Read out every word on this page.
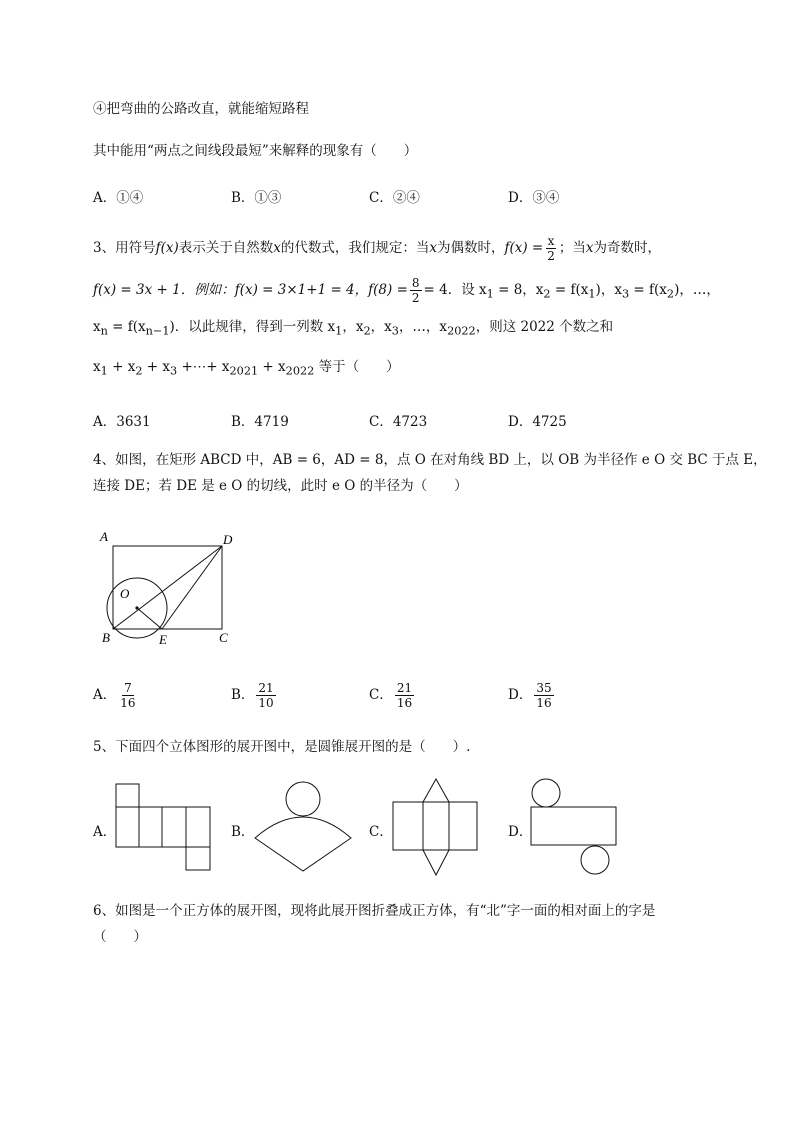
④把弯曲的公路改直，就能缩短路程
其中能用“两点之间线段最短”来解释的现象有（　　）
A．①④	B．①③	C．②④	D．③④
3、用符号f(x)表示关于自然数x的代数式，我们规定：当x为偶数时，$f(x) = \frac{x}{2}$ ；当x为奇数时，
f(x) = 3x + 1．例如：f(x) = 3×1+1 = 4，$f(8) = \frac{8}{2} = 4$．设 $x_1 = 8$，$x_2 = f(x_1)$，$x_3 = f(x_2)$，…，
$x_n = f(x_{n-1})$．以此规律，得到一列数 $x_1$，$x_2$，$x_3$，…，$x_{2022}$，则这 2022 个数之和
$x_1 + x_2 + x_3$ +⋯+ $x_{2021} + x_{2022}$ 等于（　　）
A．3631	B．4719	C．4723	D．4725
4、如图，在矩形 ABCD 中，AB = 6，AD = 8，点 O 在对角线 BD 上，以 OB 为半径作 e O 交 BC 于点 E，
连接 DE；若 DE 是 e O 的切线，此时 e O 的半径为（　　）
A	D
O
B	E	C
A． $\frac{7}{16}$	B． $\frac{21}{10}$	C． $\frac{21}{16}$	D． $\frac{35}{16}$
5、下面四个立体图形的展开图中，是圆锥展开图的是（　　）.
A．	B．	C．	D．
6、如图是一个正方体的展开图，现将此展开图折叠成正方体，有“北”字一面的相对面上的字是
（　　）
